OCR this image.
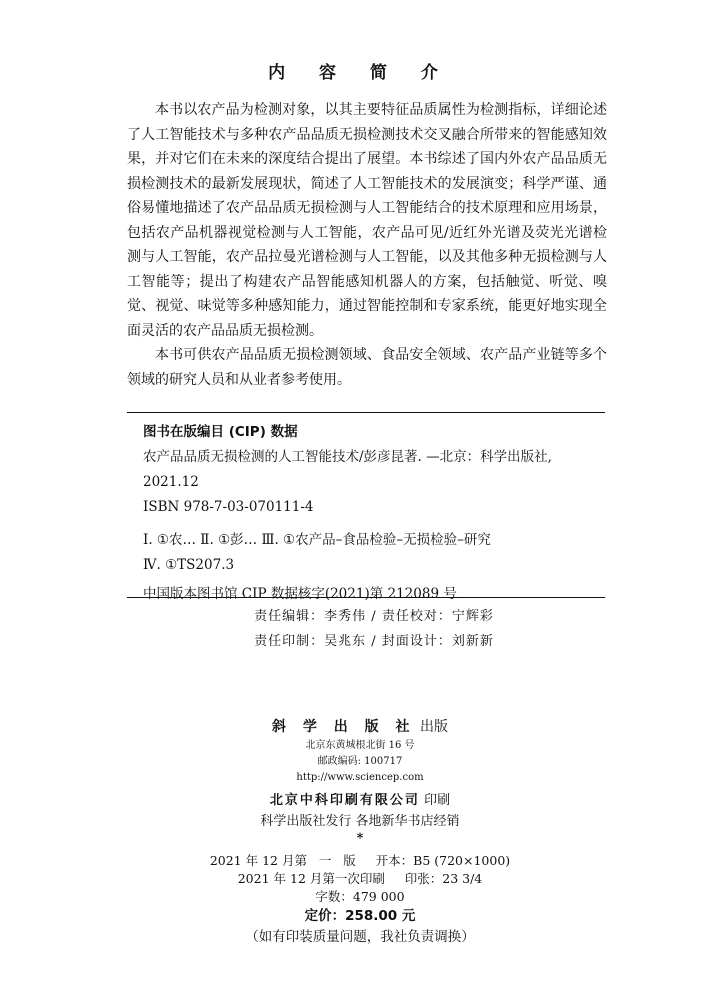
内 容 简 介

本书以农产品为检测对象，以其主要特征品质属性为检测指标，详细论述了人工智能技术与多种农产品品质无损检测技术交叉融合所带来的智能感知效果，并对它们在未来的深度结合提出了展望。本书综述了国内外农产品品质无损检测技术的最新发展现状，简述了人工智能技术的发展演变；科学严谨、通俗易懂地描述了农产品品质无损检测与人工智能结合的技术原理和应用场景，包括农产品机器视觉检测与人工智能，农产品可见/近红外光谱及荧光光谱检测与人工智能，农产品拉曼光谱检测与人工智能，以及其他多种无损检测与人工智能等；提出了构建农产品智能感知机器人的方案，包括触觉、听觉、嗅觉、视觉、味觉等多种感知能力，通过智能控制和专家系统，能更好地实现全面灵活的农产品品质无损检测。

本书可供农产品品质无损检测领域、食品安全领域、农产品产业链等多个领域的研究人员和从业者参考使用。

图书在版编目 (CIP) 数据
农产品品质无损检测的人工智能技术/彭彦昆著. —北京：科学出版社,
2021.12
ISBN 978-7-03-070111-4
Ⅰ. ①农… Ⅱ. ①彭… Ⅲ. ①农产品–食品检验–无损检验–研究
Ⅳ. ①TS207.3
中国版本图书馆 CIP 数据核字(2021)第 212089 号
责任编辑：李秀伟 / 责任校对：宁辉彩
责任印制：吴兆东 / 封面设计：刘新新
斜 学 出 版 社 出版
北京东黄城根北街 16 号
邮政编码: 100717
http://www.sciencep.com
北京中科印刷有限公司 印刷
科学出版社发行 各地新华书店经销
*
2021 年 12 月第   一   版     开本：B5 (720×1000)
2021 年 12 月第一次印刷     印张：23 3/4
字数：479 000
定价：258.00 元
（如有印装质量问题，我社负责调换）
